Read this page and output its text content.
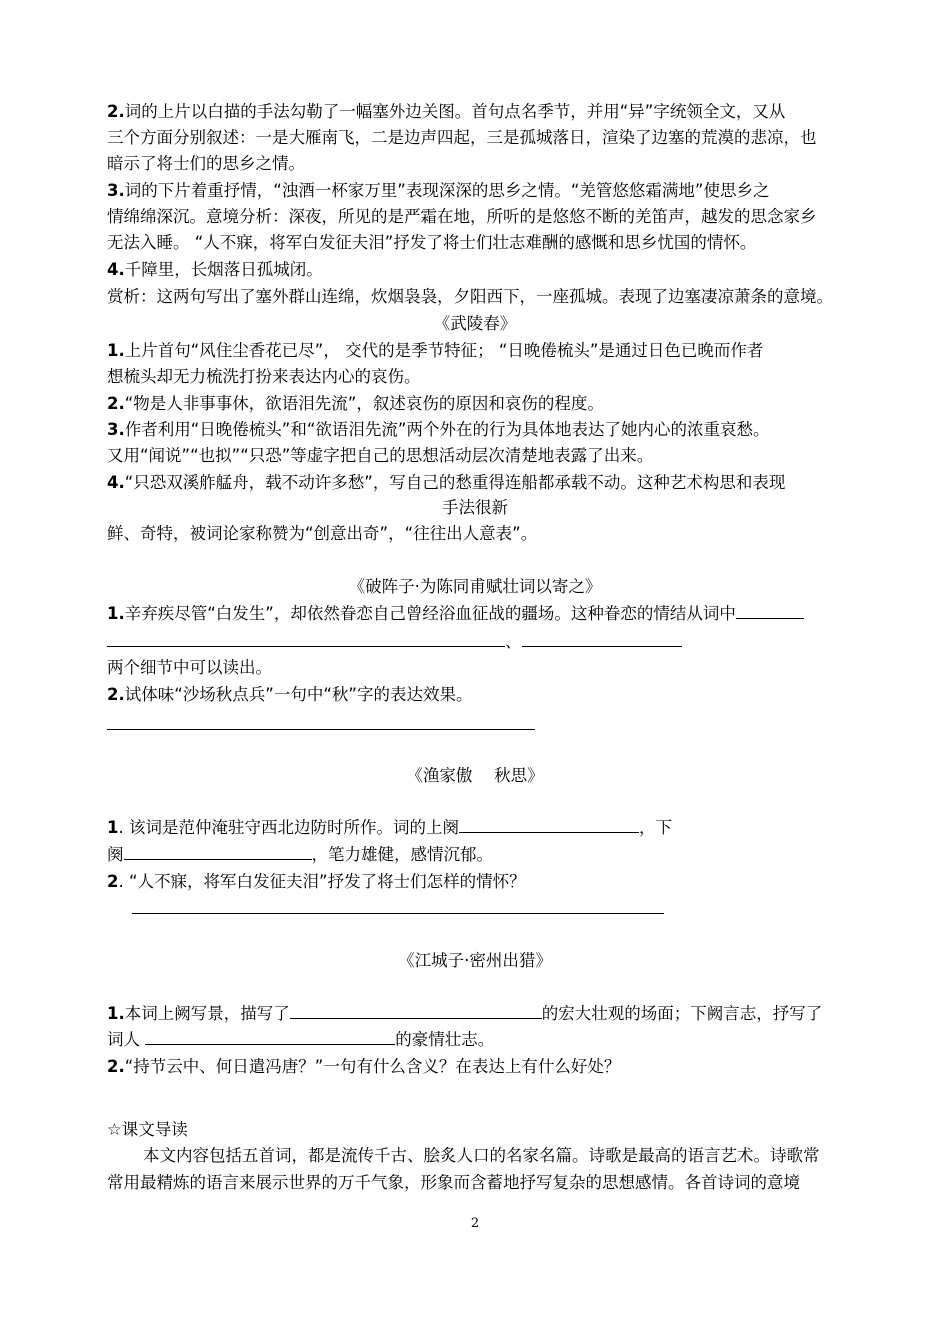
2.词的上片以白描的手法勾勒了一幅塞外边关图。首句点名季节，并用“异”字统领全文，又从
三个方面分别叙述：一是大雁南飞，二是边声四起，三是孤城落日，渲染了边塞的荒漠的悲凉，也
暗示了将士们的思乡之情。
3.词的下片着重抒情，“浊酒一杯家万里”表现深深的思乡之情。“羌管悠悠霜满地”使思乡之
情绵绵深沉。意境分析：深夜，所见的是严霜在地，所听的是悠悠不断的羌笛声，越发的思念家乡
无法入睡。 “人不寐，将军白发征夫泪”抒发了将士们壮志难酬的感慨和思乡忧国的情怀。
4.千障里，长烟落日孤城闭。
赏析：这两句写出了塞外群山连绵，炊烟袅袅，夕阳西下，一座孤城。表现了边塞凄凉萧条的意境。
《武陵春》
1.上片首句“风住尘香花已尽”， 交代的是季节特征； “日晚倦梳头”是通过日色已晚而作者
想梳头却无力梳洗打扮来表达内心的哀伤。
2.“物是人非事事休，欲语泪先流”，叙述哀伤的原因和哀伤的程度。
3.作者利用“日晚倦梳头”和“欲语泪先流”两个外在的行为具体地表达了她内心的浓重哀愁。
又用“闻说”“也拟”“只恐”等虚字把自己的思想活动层次清楚地表露了出来。
4.“只恐双溪舴艋舟，载不动许多愁”，写自己的愁重得连船都承载不动。这种艺术构思和表现
手法很新
鲜、奇特，被词论家称赞为“创意出奇”，“往往出人意表”。
《破阵子·为陈同甫赋壮词以寄之》
1.辛弃疾尽管“白发生”，却依然眷恋自己曾经浴血征战的疆场。这种眷恋的情结从词中
、
两个细节中可以读出。
2.试体味“沙场秋点兵”一句中“秋”字的表达效果。
《渔家傲　 秋思》
1. 该词是范仲淹驻守西北边防时所作。词的上阕	，下
阕	，笔力雄健，感情沉郁。
2. “人不寐，将军白发征夫泪”抒发了将士们怎样的情怀？
《江城子·密州出猎》
1.本词上阙写景，描写了	的宏大壮观的场面；下阙言志，抒写了
词人	的豪情壮志。
2.“持节云中、何日遣冯唐？”一句有什么含义？在表达上有什么好处？
☆课文导读
本文内容包括五首词，都是流传千古、脍炙人口的名家名篇。诗歌是最高的语言艺术。诗歌常
常用最精炼的语言来展示世界的万千气象，形象而含蓄地抒写复杂的思想感情。各首诗词的意境
2
